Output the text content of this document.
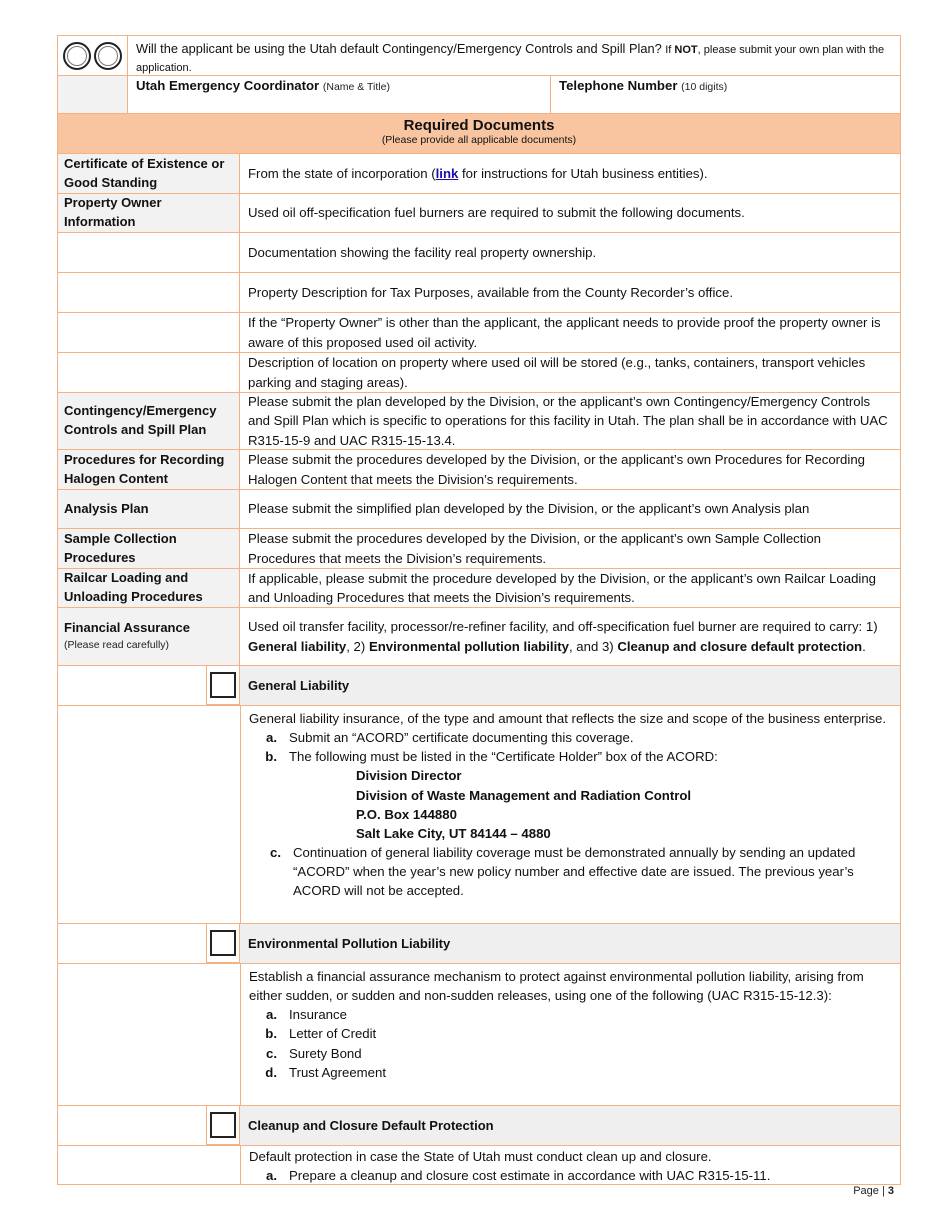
Will the applicant be using the Utah default Contingency/Emergency Controls and Spill Plan? If NOT, please submit your own plan with the application.
Utah Emergency Coordinator (Name & Title)	Telephone Number (10 digits)
Required Documents
(Please provide all applicable documents)
Certificate of Existence or Good Standing
From the state of incorporation (link for instructions for Utah business entities).
Property Owner Information
Used oil off-specification fuel burners are required to submit the following documents.
Documentation showing the facility real property ownership.
Property Description for Tax Purposes, available from the County Recorder’s office.
If the “Property Owner” is other than the applicant, the applicant needs to provide proof the property owner is aware of this proposed used oil activity.
Description of location on property where used oil will be stored (e.g., tanks, containers, transport vehicles parking and staging areas).
Contingency/Emergency Controls and Spill Plan
Please submit the plan developed by the Division, or the applicant’s own Contingency/Emergency Controls and Spill Plan which is specific to operations for this facility in Utah. The plan shall be in accordance with UAC R315-15-9 and UAC R315-15-13.4.
Procedures for Recording Halogen Content
Please submit the procedures developed by the Division, or the applicant’s own Procedures for Recording Halogen Content that meets the Division’s requirements.
Analysis Plan	Please submit the simplified plan developed by the Division, or the applicant’s own Analysis plan
Sample Collection Procedures
Please submit the procedures developed by the Division, or the applicant’s own Sample Collection Procedures that meets the Division’s requirements.
Railcar Loading and Unloading Procedures
If applicable, please submit the procedure developed by the Division, or the applicant’s own Railcar Loading and Unloading Procedures that meets the Division’s requirements.
Financial Assurance
(Please read carefully)
Used oil transfer facility, processor/re-refiner facility, and off-specification fuel burner are required to carry: 1) General liability, 2) Environmental pollution liability, and 3) Cleanup and closure default protection.
General Liability
General liability insurance, of the type and amount that reflects the size and scope of the business enterprise.
a. Submit an “ACORD” certificate documenting this coverage.
b. The following must be listed in the “Certificate Holder” box of the ACORD:
Division Director
Division of Waste Management and Radiation Control
P.O. Box 144880
Salt Lake City, UT 84144 – 4880
c. Continuation of general liability coverage must be demonstrated annually by sending an updated “ACORD” when the year’s new policy number and effective date are issued. The previous year’s ACORD will not be accepted.
Environmental Pollution Liability
Establish a financial assurance mechanism to protect against environmental pollution liability, arising from either sudden, or sudden and non-sudden releases, using one of the following (UAC R315-15-12.3):
a. Insurance
b. Letter of Credit
c. Surety Bond
d. Trust Agreement
Cleanup and Closure Default Protection
Default protection in case the State of Utah must conduct clean up and closure.
a. Prepare a cleanup and closure cost estimate in accordance with UAC R315-15-11.
Page | 3
